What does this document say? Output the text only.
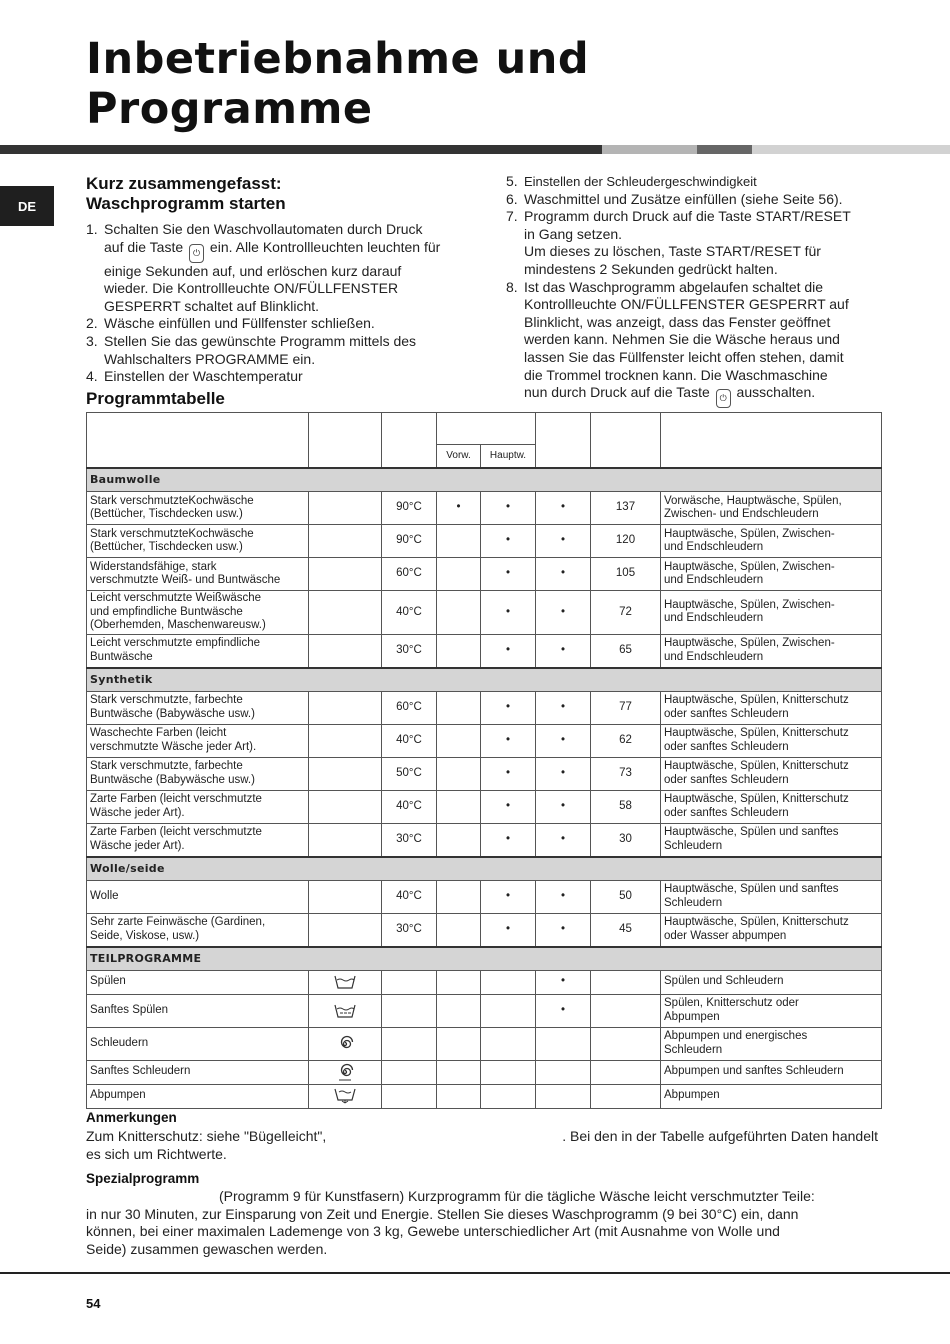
Inbetriebnahme und
Programme
DE
Kurz zusammengefasst:
Waschprogramm starten
1. Schalten Sie den Waschvollautomaten durch Druck
auf die Taste ⏻ ein. Alle Kontrollleuchten leuchten für
einige Sekunden auf, und erlöschen kurz darauf
wieder. Die Kontrollleuchte ON/FÜLLFENSTER
GESPERRT schaltet auf Blinklicht.
2. Wäsche einfüllen und Füllfenster schließen.
3. Stellen Sie das gewünschte Programm mittels des
Wahlschalters PROGRAMME ein.
4. Einstellen der Waschtemperatur
5. Einstellen der Schleudergeschwindigkeit
6. Waschmittel und Zusätze einfüllen (siehe Seite 56).
7. Programm durch Druck auf die Taste START/RESET
in Gang setzen.
Um dieses zu löschen, Taste START/RESET für
mindestens 2 Sekunden gedrückt halten.
8. Ist das Waschprogramm abgelaufen schaltet die
Kontrollleuchte ON/FÜLLFENSTER GESPERRT auf
Blinklicht, was anzeigt, dass das Fenster geöffnet
werden kann. Nehmen Sie die Wäsche heraus und
lassen Sie das Füllfenster leicht offen stehen, damit
die Trommel trocknen kann. Die Waschmaschine
nun durch Druck auf die Taste ⏻ ausschalten.
Programmtabelle

			Vorw.	Hauptw.			
Baumwolle							
Stark verschmutzteKochwäsche
(Bettücher, Tischdecken usw.)		90°C	•	•	•	137	Vorwäsche, Hauptwäsche, Spülen,
Zwischen- und Endschleudern
Stark verschmutzteKochwäsche
(Bettücher, Tischdecken usw.)		90°C		•	•	120	Hauptwäsche, Spülen, Zwischen-
und Endschleudern
Widerstandsfähige, stark
verschmutzte Weiß- und Buntwäsche		60°C		•	•	105	Hauptwäsche, Spülen, Zwischen-
und Endschleudern
Leicht verschmutzte Weißwäsche
und empfindliche Buntwäsche
(Oberhemden, Maschenwareusw.)		40°C		•	•	72	Hauptwäsche, Spülen, Zwischen-
und Endschleudern
Leicht verschmutzte empfindliche
Buntwäsche		30°C		•	•	65	Hauptwäsche, Spülen, Zwischen-
und Endschleudern
Synthetik							
Stark verschmutzte, farbechte
Buntwäsche (Babywäsche usw.)		60°C		•	•	77	Hauptwäsche, Spülen, Knitterschutz
oder sanftes Schleudern
Waschechte Farben (leicht
verschmutzte Wäsche jeder Art).		40°C		•	•	62	Hauptwäsche, Spülen, Knitterschutz
oder sanftes Schleudern
Stark verschmutzte, farbechte
Buntwäsche (Babywäsche usw.)		50°C		•	•	73	Hauptwäsche, Spülen, Knitterschutz
oder sanftes Schleudern
Zarte Farben (leicht verschmutzte
Wäsche jeder Art).		40°C		•	•	58	Hauptwäsche, Spülen, Knitterschutz
oder sanftes Schleudern
Zarte Farben (leicht verschmutzte
Wäsche jeder Art).		30°C		•	•	30	Hauptwäsche, Spülen und sanftes
Schleudern
Wolle/seide							
Wolle		40°C		•	•	50	Hauptwäsche, Spülen und sanftes
Schleudern
Sehr zarte Feinwäsche (Gardinen,
Seide, Viskose, usw.)		30°C		•	•	45	Hauptwäsche, Spülen, Knitterschutz
oder Wasser abpumpen
TEILPROGRAMME							
Spülen					•		Spülen und Schleudern
Sanftes Spülen					•		Spülen, Knitterschutz oder
Abpumpen
Schleudern							Abpumpen und energisches
Schleudern
Sanftes Schleudern							Abpumpen und sanftes Schleudern
Abpumpen							Abpumpen
Anmerkungen
Zum Knitterschutz: siehe "Bügelleicht",	. Bei den in der Tabelle aufgeführten Daten handelt
es sich um Richtwerte.
Spezialprogramm
(Programm 9 für Kunstfasern) Kurzprogramm für die tägliche Wäsche leicht verschmutzter Teile:
in nur 30 Minuten, zur Einsparung von Zeit und Energie. Stellen Sie dieses Waschprogramm (9 bei 30°C) ein, dann
können, bei einer maximalen Lademenge von 3 kg, Gewebe unterschiedlicher Art (mit Ausnahme von Wolle und
Seide) zusammen gewaschen werden.
54
